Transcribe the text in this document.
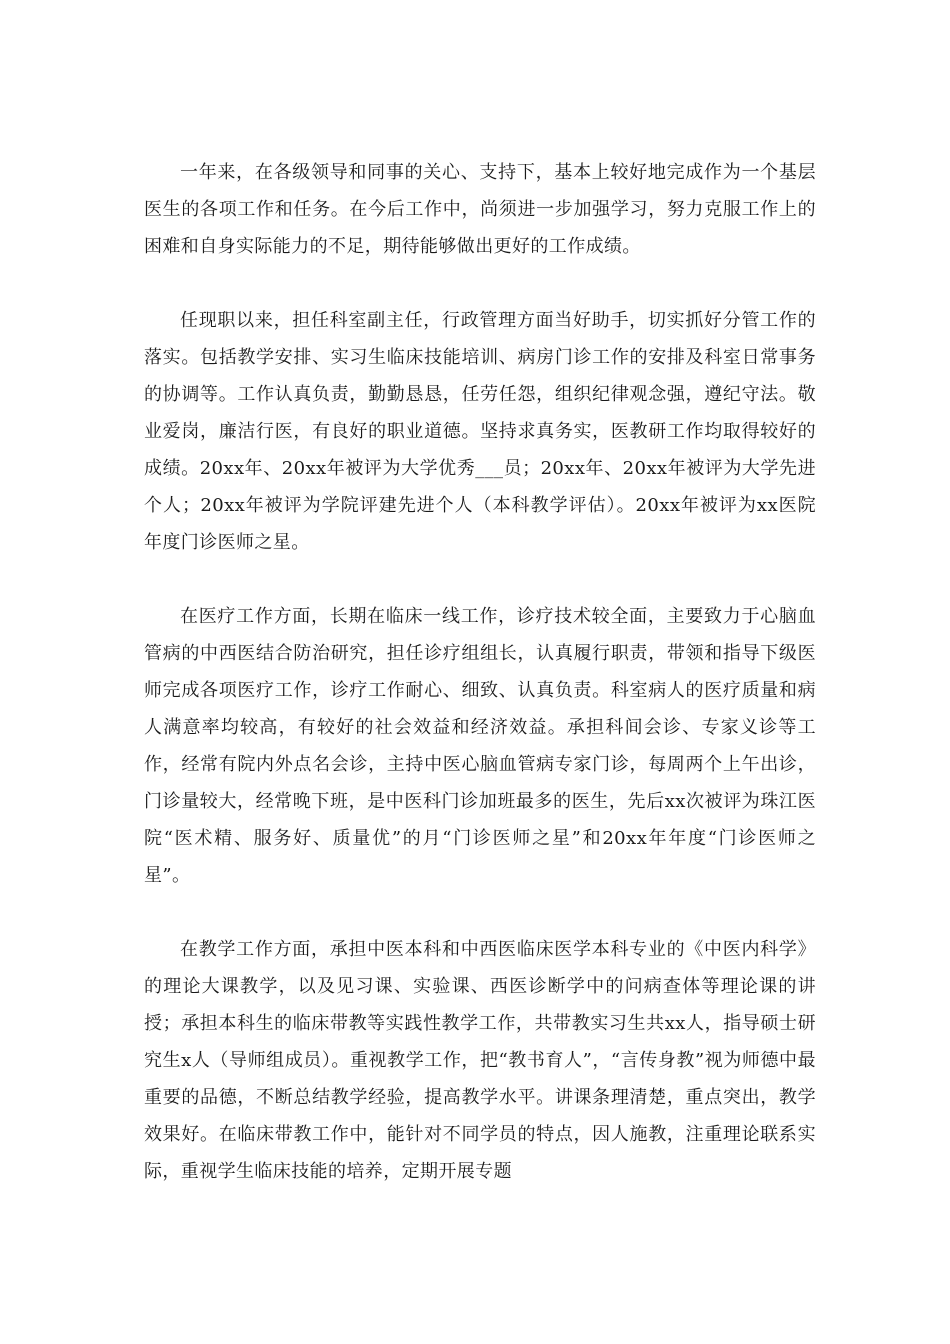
一年来，在各级领导和同事的关心、支持下，基本上较好地完成作为一个基层医生的各项工作和任务。在今后工作中，尚须进一步加强学习，努力克服工作上的困难和自身实际能力的不足，期待能够做出更好的工作成绩。

任现职以来，担任科室副主任，行政管理方面当好助手，切实抓好分管工作的落实。包括教学安排、实习生临床技能培训、病房门诊工作的安排及科室日常事务的协调等。工作认真负责，勤勤恳恳，任劳任怨，组织纪律观念强，遵纪守法。敬业爱岗，廉洁行医，有良好的职业道德。坚持求真务实，医教研工作均取得较好的成绩。20xx年、20xx年被评为大学优秀___员；20xx年、20xx年被评为大学先进个人；20xx年被评为学院评建先进个人（本科教学评估）。20xx年被评为xx医院年度门诊医师之星。

在医疗工作方面，长期在临床一线工作，诊疗技术较全面，主要致力于心脑血管病的中西医结合防治研究，担任诊疗组组长，认真履行职责，带领和指导下级医师完成各项医疗工作，诊疗工作耐心、细致、认真负责。科室病人的医疗质量和病人满意率均较高，有较好的社会效益和经济效益。承担科间会诊、专家义诊等工作，经常有院内外点名会诊，主持中医心脑血管病专家门诊，每周两个上午出诊，门诊量较大，经常晚下班，是中医科门诊加班最多的医生，先后xx次被评为珠江医院“医术精、服务好、质量优”的月“门诊医师之星”和20xx年年度“门诊医师之星”。

在教学工作方面，承担中医本科和中西医临床医学本科专业的《中医内科学》的理论大课教学，以及见习课、实验课、西医诊断学中的问病查体等理论课的讲授；承担本科生的临床带教等实践性教学工作，共带教实习生共xx人，指导硕士研究生x人（导师组成员）。重视教学工作，把“教书育人”，“言传身教”视为师德中最重要的品德，不断总结教学经验，提高教学水平。讲课条理清楚，重点突出，教学效果好。在临床带教工作中，能针对不同学员的特点，因人施教，注重理论联系实际，重视学生临床技能的培养，定期开展专题
